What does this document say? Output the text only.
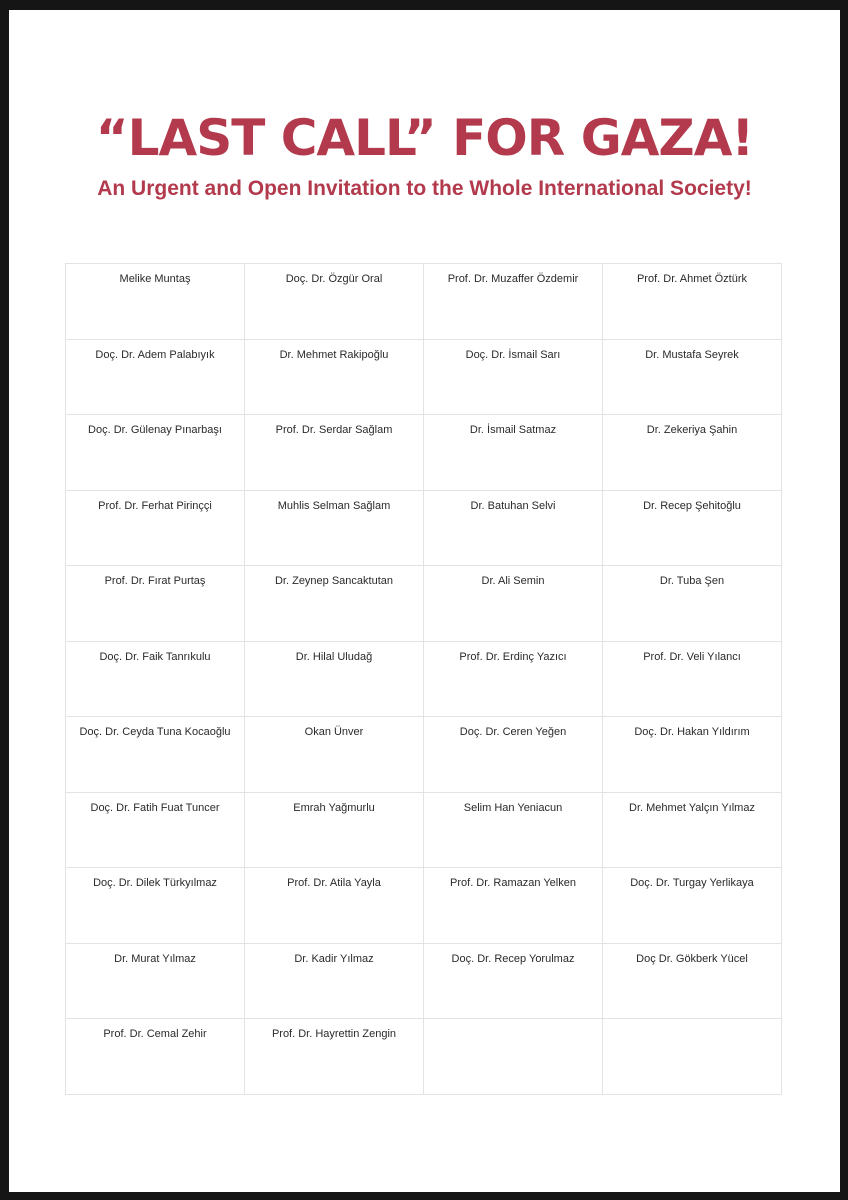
“LAST CALL” FOR GAZA!
An Urgent and Open Invitation to the Whole International Society!
Melike Muntaş	Doç. Dr. Özgür Oral	Prof. Dr. Muzaffer Özdemir	Prof. Dr. Ahmet Öztürk

Doç. Dr. Adem Palabıyık	Dr. Mehmet Rakipoğlu	Doç. Dr. İsmail Sarı	Dr. Mustafa Seyrek

Doç. Dr. Gülenay Pınarbaşı	Prof. Dr. Serdar Sağlam	Dr. İsmail Satmaz	Dr. Zekeriya Şahin

Prof. Dr. Ferhat Pirinççi	Muhlis Selman Sağlam	Dr. Batuhan Selvi	Dr. Recep Şehitoğlu

Prof. Dr. Fırat Purtaş	Dr. Zeynep Sancaktutan	Dr. Ali Semin	Dr. Tuba Şen

Doç. Dr. Faik Tanrıkulu	Dr. Hilal Uludağ	Prof. Dr. Erdinç Yazıcı	Prof. Dr. Veli Yılancı

Doç. Dr. Ceyda Tuna Kocaoğlu	Okan Ünver	Doç. Dr. Ceren Yeğen	Doç. Dr. Hakan Yıldırım

Doç. Dr. Fatih Fuat Tuncer	Emrah Yağmurlu	Selim Han Yeniacun	Dr. Mehmet Yalçın Yılmaz

Doç. Dr. Dilek Türkyılmaz	Prof. Dr. Atila Yayla	Prof. Dr. Ramazan Yelken	Doç. Dr. Turgay Yerlikaya

Dr. Murat Yılmaz	Dr. Kadir Yılmaz	Doç. Dr. Recep Yorulmaz	Doç Dr. Gökberk Yücel

Prof. Dr. Cemal Zehir	Prof. Dr. Hayrettin Zengin		
